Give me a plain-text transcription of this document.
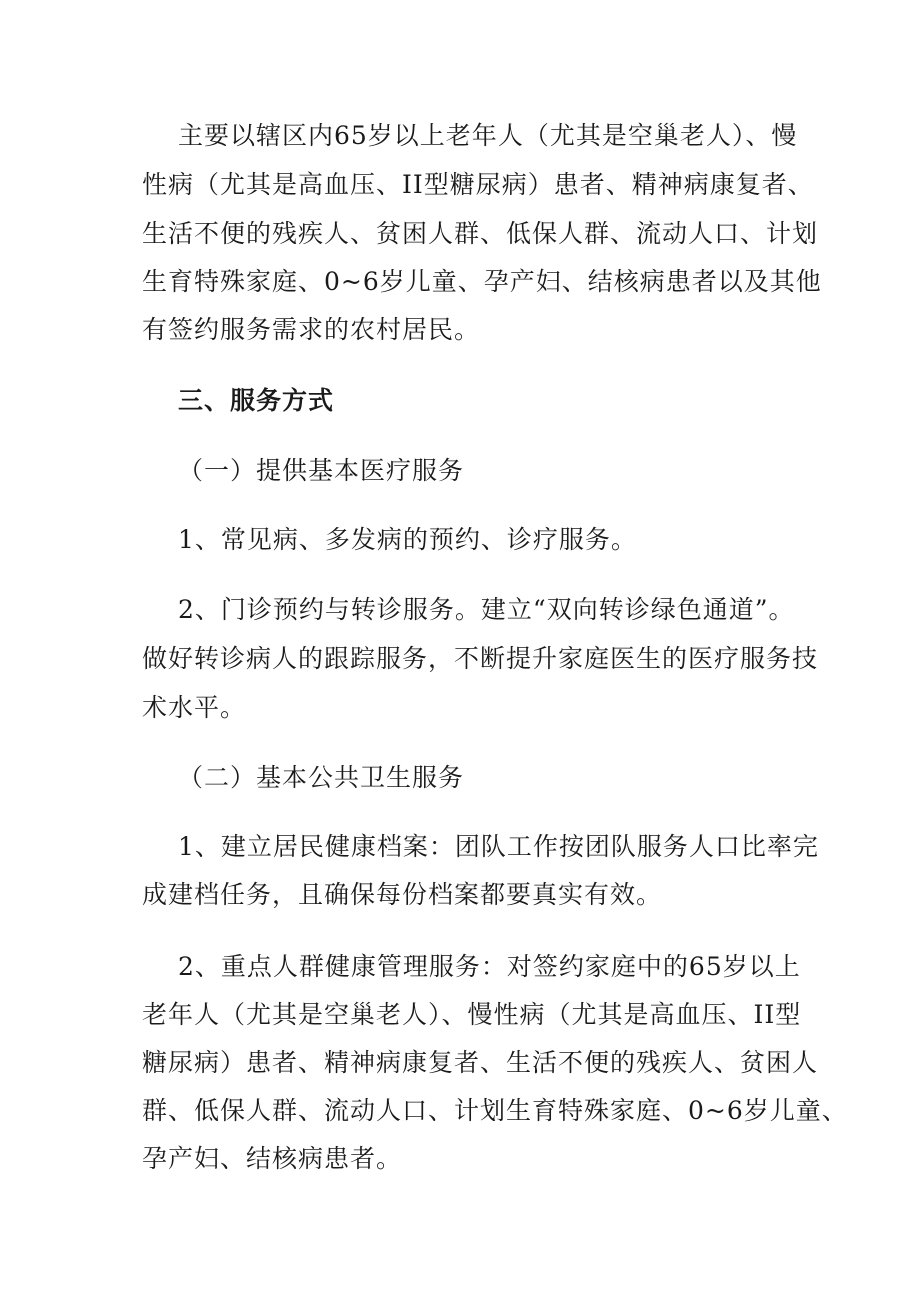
主要以辖区内65岁以上老年人（尤其是空巢老人）、慢
性病（尤其是高血压、II型糖尿病）患者、精神病康复者、
生活不便的残疾人、贫困人群、低保人群、流动人口、计划
生育特殊家庭、0~6岁儿童、孕产妇、结核病患者以及其他
有签约服务需求的农村居民。
三、服务方式
（一）提供基本医疗服务
1、常见病、多发病的预约、诊疗服务。
2、门诊预约与转诊服务。建立“双向转诊绿色通道”。
做好转诊病人的跟踪服务，不断提升家庭医生的医疗服务技
术水平。
（二）基本公共卫生服务
1、建立居民健康档案：团队工作按团队服务人口比率完
成建档任务，且确保每份档案都要真实有效。
2、重点人群健康管理服务：对签约家庭中的65岁以上
老年人（尤其是空巢老人）、慢性病（尤其是高血压、II型
糖尿病）患者、精神病康复者、生活不便的残疾人、贫困人
群、低保人群、流动人口、计划生育特殊家庭、0~6岁儿童、
孕产妇、结核病患者。
